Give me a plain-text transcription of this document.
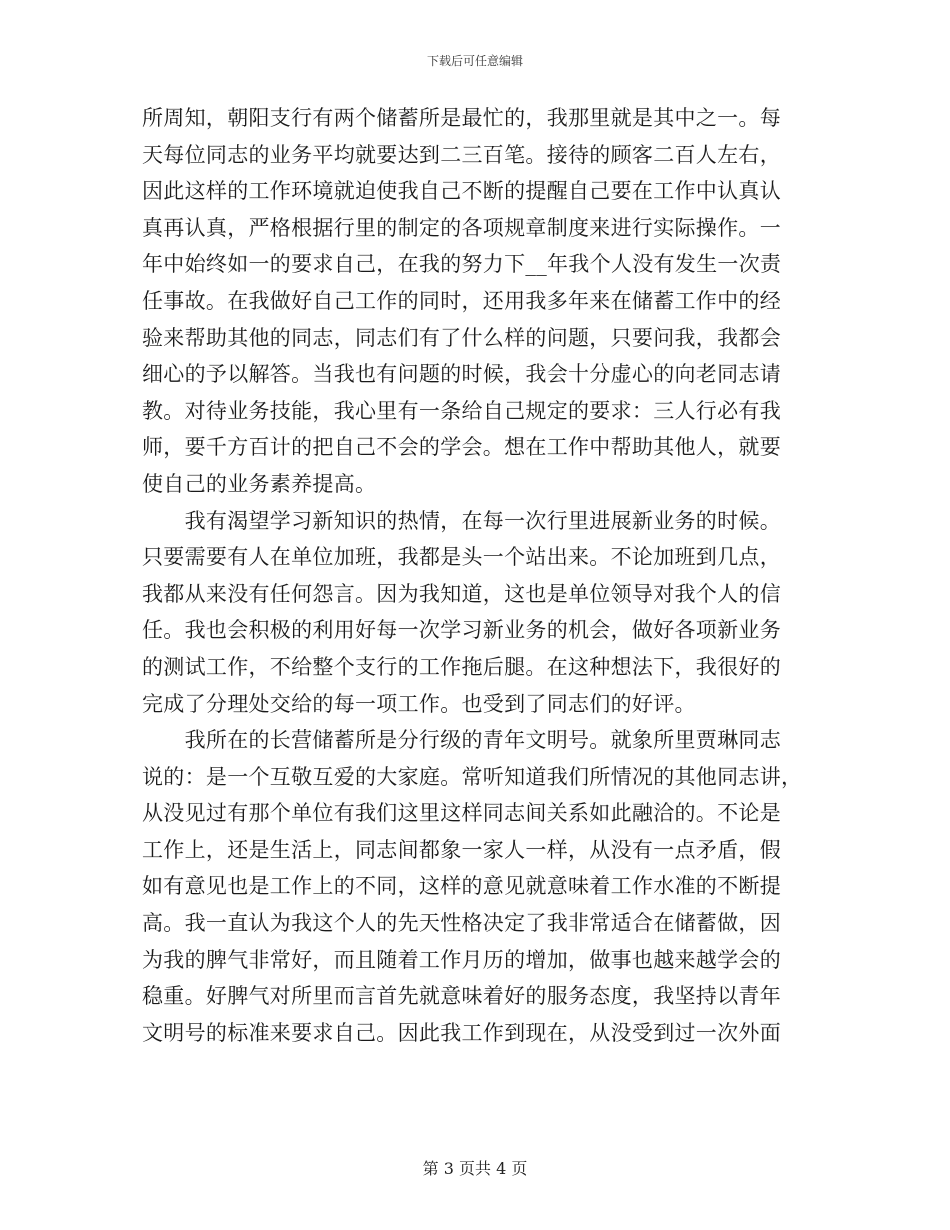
下载后可任意编辑
所周知，朝阳支行有两个储蓄所是最忙的，我那里就是其中之一。每
天每位同志的业务平均就要达到二三百笔。接待的顾客二百人左右，
因此这样的工作环境就迫使我自己不断的提醒自己要在工作中认真认
真再认真，严格根据行里的制定的各项规章制度来进行实际操作。一
年中始终如一的要求自己，在我的努力下__年我个人没有发生一次责
任事故。在我做好自己工作的同时，还用我多年来在储蓄工作中的经
验来帮助其他的同志，同志们有了什么样的问题，只要问我，我都会
细心的予以解答。当我也有问题的时候，我会十分虚心的向老同志请
教。对待业务技能，我心里有一条给自己规定的要求：三人行必有我
师，要千方百计的把自己不会的学会。想在工作中帮助其他人，就要
使自己的业务素养提高。
　　我有渴望学习新知识的热情，在每一次行里进展新业务的时候。
只要需要有人在单位加班，我都是头一个站出来。不论加班到几点，
我都从来没有任何怨言。因为我知道，这也是单位领导对我个人的信
任。我也会积极的利用好每一次学习新业务的机会，做好各项新业务
的测试工作，不给整个支行的工作拖后腿。在这种想法下，我很好的
完成了分理处交给的每一项工作。也受到了同志们的好评。
　　我所在的长营储蓄所是分行级的青年文明号。就象所里贾琳同志
说的：是一个互敬互爱的大家庭。常听知道我们所情况的其他同志讲，
从没见过有那个单位有我们这里这样同志间关系如此融洽的。不论是
工作上，还是生活上，同志间都象一家人一样，从没有一点矛盾，假
如有意见也是工作上的不同，这样的意见就意味着工作水准的不断提
高。我一直认为我这个人的先天性格决定了我非常适合在储蓄做，因
为我的脾气非常好，而且随着工作月历的增加，做事也越来越学会的
稳重。好脾气对所里而言首先就意味着好的服务态度，我坚持以青年
文明号的标准来要求自己。因此我工作到现在，从没受到过一次外面
第 3 页共 4 页
